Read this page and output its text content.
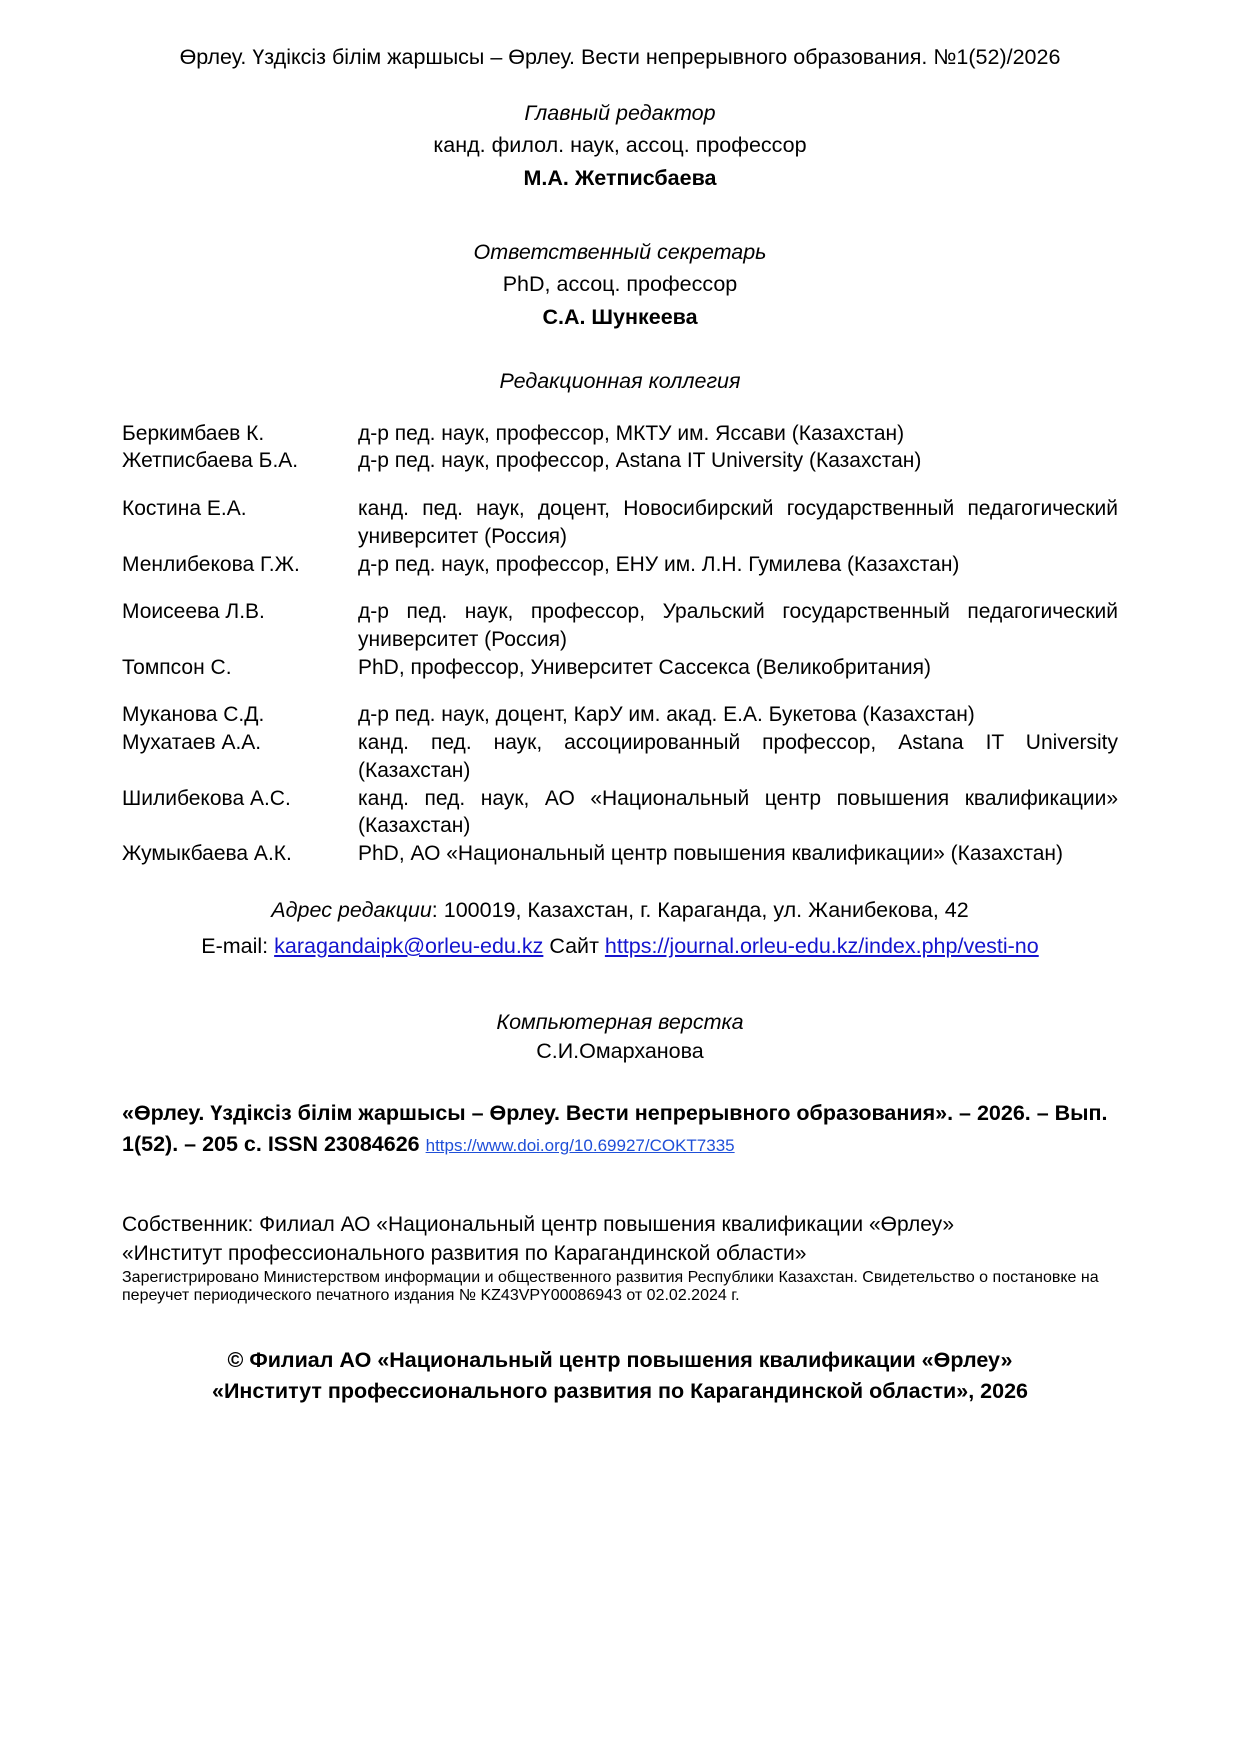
Өрлеу. Үздіксіз білім жаршысы – Өрлеу. Вести непрерывного образования. №1(52)/2026
Главный редактор
канд. филол. наук, ассоц. профессор
М.А. Жетписбаева
Ответственный секретарь
PhD, ассоц. профессор
С.А. Шункеева
Редакционная коллегия
Беркимбаев К.	д-р пед. наук, профессор, МКТУ им. Яссави (Казахстан)
Жетписбаева Б.А.	д-р пед. наук, профессор, Astana IT University (Казахстан)

Костина Е.А.	канд. пед. наук, доцент, Новосибирский государственный педагогический университет (Россия)
Менлибекова Г.Ж.	д-р пед. наук, профессор, ЕНУ им. Л.Н. Гумилева (Казахстан)

Моисеева Л.В.	д-р пед. наук, профессор, Уральский государственный педагогический университет (Россия)
Томпсон С.	PhD, профессор, Университет Сассекса (Великобритания)

Муканова С.Д.	д-р пед. наук, доцент, КарУ им. акад. Е.А. Букетова (Казахстан)
Мухатаев А.А.	канд. пед. наук, ассоциированный профессор, Astana IT University (Казахстан)
Шилибекова А.С.	канд. пед. наук, АО «Национальный центр повышения квалификации» (Казахстан)
Жумыкбаева А.К.	PhD, АО «Национальный центр повышения квалификации» (Казахстан)
Адрес редакции: 100019, Казахстан, г. Караганда, ул. Жанибекова, 42
E-mail: karagandaipk@orleu-edu.kz Сайт https://journal.orleu-edu.kz/index.php/vesti-no
Компьютерная верстка
С.И.Омарханова
«Өрлеу. Үздіксіз білім жаршысы – Өрлеу. Вести непрерывного образования». – 2026. – Вып. 1(52). – 205 с. ISSN 23084626 https://www.doi.org/10.69927/COKT7335
Собственник: Филиал АО «Национальный центр повышения квалификации «Өрлеу»
«Институт профессионального развития по Карагандинской области»
Зарегистрировано Министерством информации и общественного развития Республики Казахстан. Свидетельство о постановке на переучет периодического печатного издания № KZ43VPY00086943 от 02.02.2024 г.
© Филиал АО «Национальный центр повышения квалификации «Өрлеу»
«Институт профессионального развития по Карагандинской области», 2026
